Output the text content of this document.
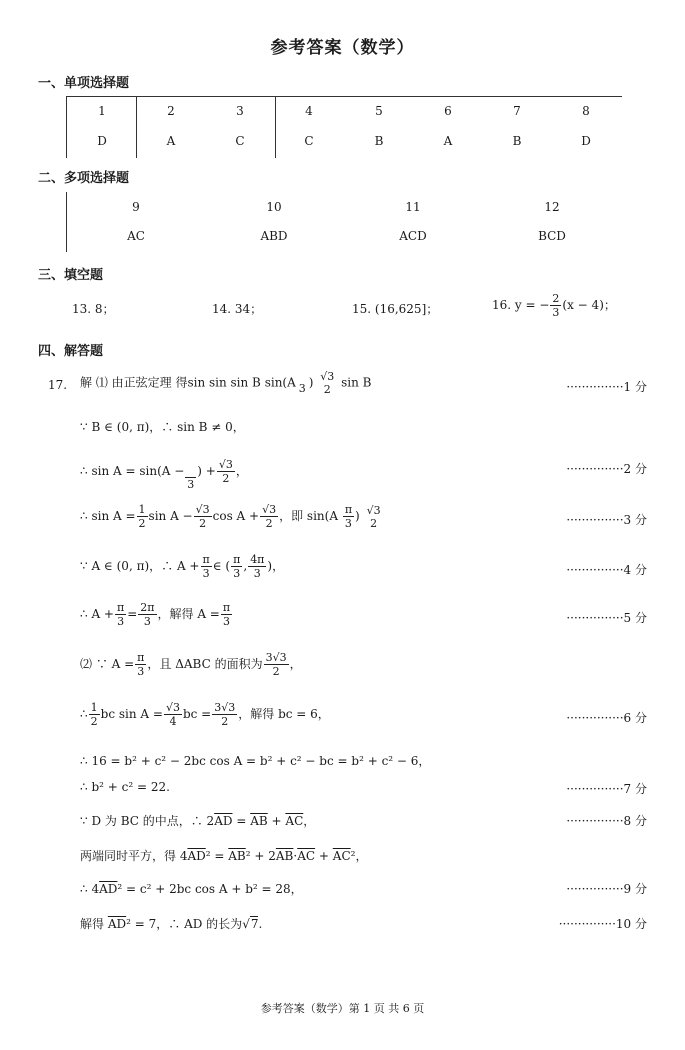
参考答案（数学）
一、单项选择题
1	2	3	4	5	6	7	8
D	A	C	C	B	A	B	D
二、多项选择题
9	10	11	12
AC	ABD	ACD	BCD
三、填空题
13. 8；	14. 34；	15. (16,625]；	16. y = − $\frac{2}{3} (x - 4)$；
四、解答题
17. 解 ⑴ 由正弦定理 得sin sin sin B sin(A 3 ) √3
2 sin B	···············1 分
∵ B ∈ (0, π)，∴ sin B ≠ 0，
∴ sin A = sin(A −

3
) + $\frac{√3}{2}$ ，	···············2 分
∴ $\sin A = \frac{1}{2}$ $\sin A - \frac{√3}{2}$ $\cos A + \frac{√3}{2}$ ，即 $\sin(A \frac{\pi}{3}$ ) √3
2	···············3 分
∵ A ∈ (0, π)，∴ $A + \frac{\pi}{3}$ ∈ ( $\frac{\pi}{3}$ , $\frac{4\pi}{3}$ )，	···············4 分
∴ $A + \frac{\pi}{3} = \frac{2\pi}{3}$ ，解得 $A = \frac{\pi}{3}$	···············5 分
⑵ ∵ $A = \frac{\pi}{3}$ ，且 ΔABC 的面积为 $\frac{3√3}{2}$ ，
∴ $\frac{1}{2}$ bc $\sin A = \frac{√3}{4}$ bc = $\frac{3√3}{2}$ ，解得 bc = 6，	···············6 分
∴ 16 = b² + c² − 2bc cos A = b² + c² − bc = b² + c² − 6，
∴ b² + c² = 22.	···············7 分
∵ D 为 BC 的中点，∴ $2\overline{AD} = \overline{AB} + \overline{AC}$，	···············8 分
两端同时平方，得 $4\overline{AD}^2 = \overline{AB}^2 + 2\overline{AB}\cdot\overline{AC} + \overline{AC}^2$，
∴ $4\overline{AD}^2 = c^2 + 2bc$ cos A + b² = 28，	···············9 分
解得 $\overline{AD}^2 = 7$，∴ AD 的长为√7.	···············10 分
参考答案（数学）第 1 页 共 6 页
